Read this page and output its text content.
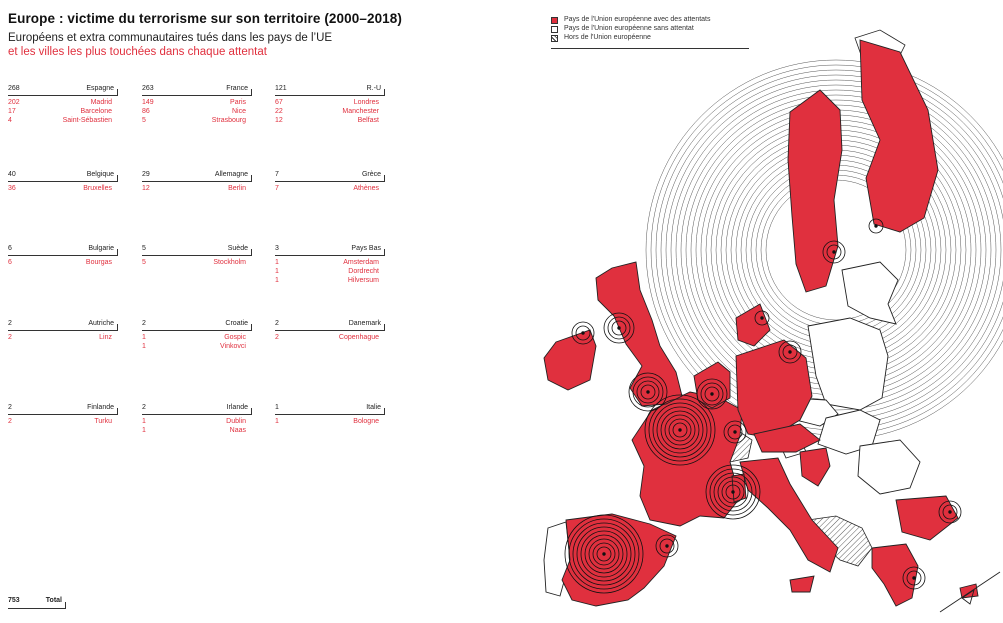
Europe : victime du terrorisme sur son territoire (2000–2018)
Européens et extra communautaires tués dans les pays de l’UE
et les villes les plus touchées dans chaque attentat
268	Espagne
202	Madrid
17	Barcelone
4	Saint-Sébastien
263	France
149	Paris
86	Nice
5	Strasbourg
121	R.-U
67	Londres
22	Manchester
12	Belfast
40	Belgique
36	Bruxelles
29	Allemagne
12	Berlin
7	Grèce
7	Athènes
6	Bulgarie
6	Bourgas
5	Suède
5	Stockholm
3	Pays Bas
1	Amsterdam
1	Dordrecht
1	Hilversum
2	Autriche
2	Linz
2	Croatie
1	Gospic
1	Vinkovci
2	Danemark
2	Copenhague
2	Finlande
2	Turku
2	Irlande
1	Dublin
1	Naas
1	Italie
1	Bologne
753	Total
Pays de l'Union européenne avec des attentats
Pays de l'Union européenne sans attentat
Hors de l'Union européenne
